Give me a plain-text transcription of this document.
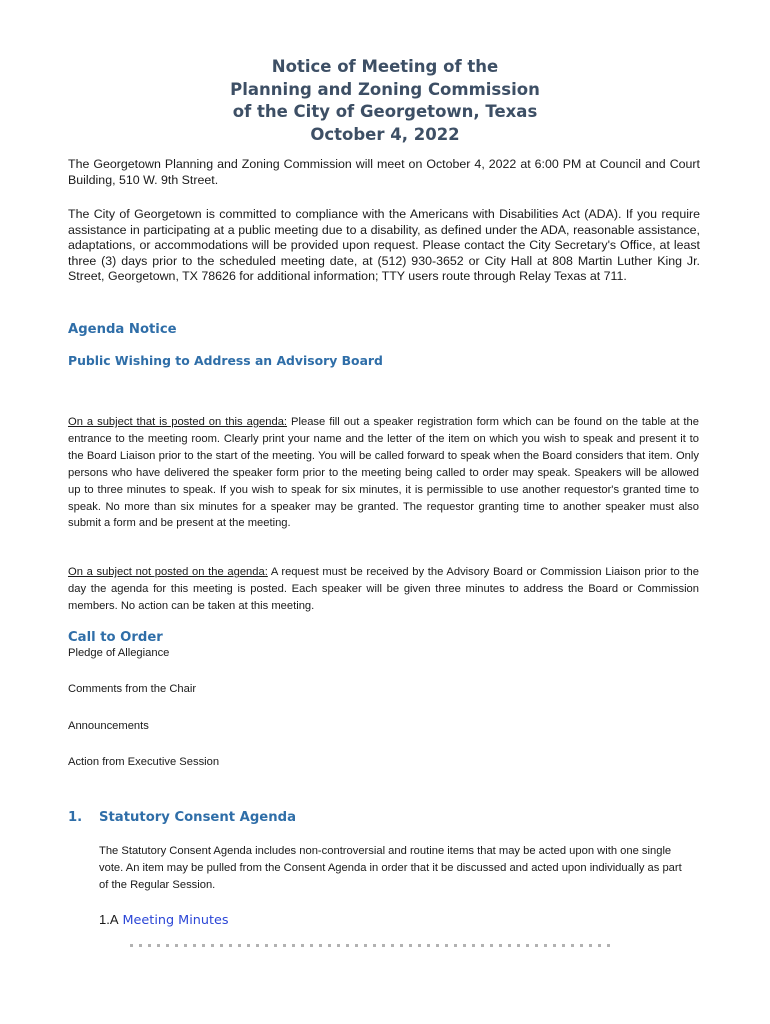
Notice of Meeting of the
Planning and Zoning Commission
of the City of Georgetown, Texas
October 4, 2022
The Georgetown Planning and Zoning Commission will meet on October 4, 2022 at 6:00 PM at Council and Court Building, 510 W. 9th Street.
The City of Georgetown is committed to compliance with the Americans with Disabilities Act (ADA). If you require assistance in participating at a public meeting due to a disability, as defined under the ADA, reasonable assistance, adaptations, or accommodations will be provided upon request. Please contact the City Secretary's Office, at least three (3) days prior to the scheduled meeting date, at (512) 930-3652 or City Hall at 808 Martin Luther King Jr. Street, Georgetown, TX 78626 for additional information; TTY users route through Relay Texas at 711.
Agenda Notice
Public Wishing to Address an Advisory Board
On a subject that is posted on this agenda: Please fill out a speaker registration form which can be found on the table at the entrance to the meeting room. Clearly print your name and the letter of the item on which you wish to speak and present it to the Board Liaison prior to the start of the meeting. You will be called forward to speak when the Board considers that item. Only persons who have delivered the speaker form prior to the meeting being called to order may speak. Speakers will be allowed up to three minutes to speak. If you wish to speak for six minutes, it is permissible to use another requestor's granted time to speak. No more than six minutes for a speaker may be granted. The requestor granting time to another speaker must also submit a form and be present at the meeting.
On a subject not posted on the agenda: A request must be received by the Advisory Board or Commission Liaison prior to the day the agenda for this meeting is posted. Each speaker will be given three minutes to address the Board or Commission members. No action can be taken at this meeting.
Call to Order
Pledge of Allegiance
Comments from the Chair
Announcements
Action from Executive Session
1. Statutory Consent Agenda
The Statutory Consent Agenda includes non-controversial and routine items that may be acted upon with one single vote. An item may be pulled from the Consent Agenda in order that it be discussed and acted upon individually as part of the Regular Session.
1.A Meeting Minutes
